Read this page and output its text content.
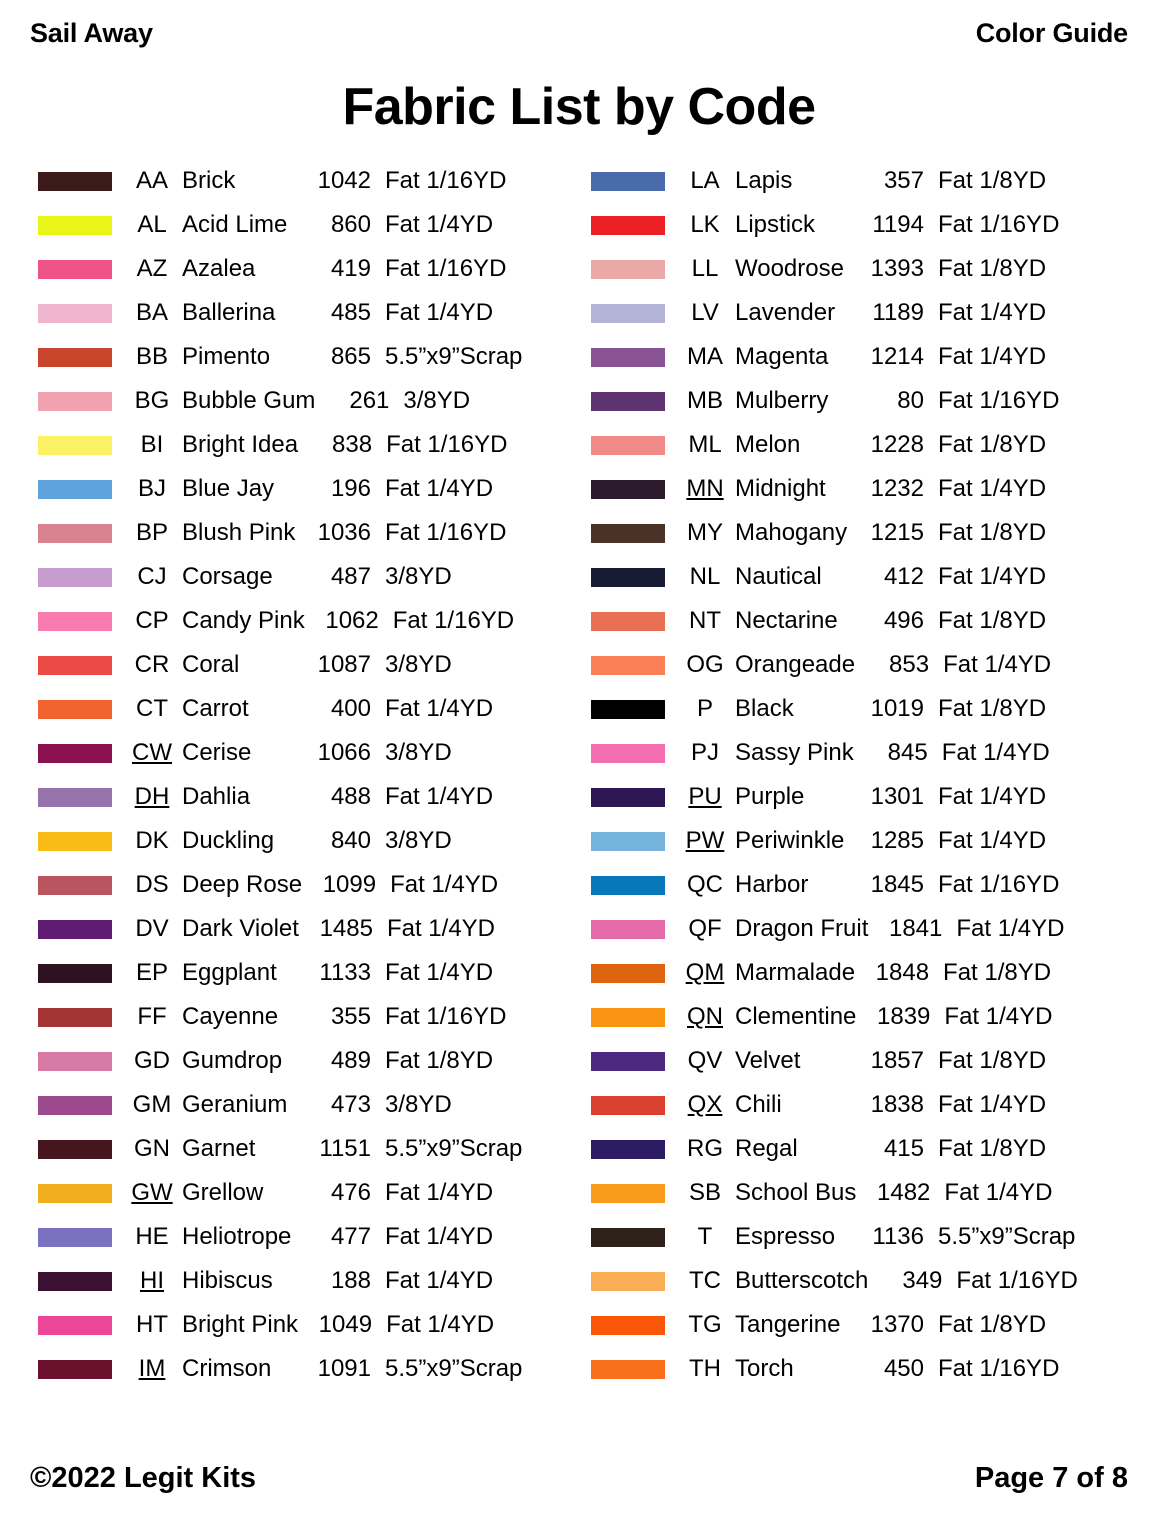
Sail Away	Color Guide
Fabric List by Code
AA Brick	1042 Fat 1/16YD
AL Acid Lime	860 Fat 1/4YD
AZ Azalea	419 Fat 1/16YD
BA Ballerina	485 Fat 1/4YD
BB Pimento	865 5.5”x9”Scrap
BG Bubble Gum	261 3/8YD
BI Bright Idea	838 Fat 1/16YD
BJ Blue Jay	196 Fat 1/4YD
BP Blush Pink 1036 Fat 1/16YD
CJ Corsage	487 3/8YD
CP Candy Pink 1062 Fat 1/16YD
CR Coral	1087 3/8YD
CT Carrot	400 Fat 1/4YD
CW Cerise	1066 3/8YD
DH Dahlia	488 Fat 1/4YD
DK Duckling	840 3/8YD
DS Deep Rose 1099 Fat 1/4YD
DV Dark Violet 1485 Fat 1/4YD
EP Eggplant	1133 Fat 1/4YD
FF Cayenne	355 Fat 1/16YD
GD Gumdrop	489 Fat 1/8YD
GM Geranium	473 3/8YD
GN Garnet	1151 5.5”x9”Scrap
GW Grellow	476 Fat 1/4YD
HE Heliotrope	477 Fat 1/4YD
HI Hibiscus	188 Fat 1/4YD
HT Bright Pink 1049 Fat 1/4YD
IM Crimson	1091 5.5”x9”Scrap
LA Lapis	357 Fat 1/8YD
LK Lipstick	1194 Fat 1/16YD
LL Woodrose	1393 Fat 1/8YD
LV Lavender	1189 Fat 1/4YD
MA Magenta	1214 Fat 1/4YD
MB Mulberry	80 Fat 1/16YD
ML Melon	1228 Fat 1/8YD
MN Midnight	1232 Fat 1/4YD
MY Mahogany 1215 Fat 1/8YD
NL Nautical	412 Fat 1/4YD
NT Nectarine	496 Fat 1/8YD
OG Orangeade	853 Fat 1/4YD
P Black	1019 Fat 1/8YD
PJ Sassy Pink	845 Fat 1/4YD
PU Purple	1301 Fat 1/4YD
PW Periwinkle	1285 Fat 1/4YD
QC Harbor	1845 Fat 1/16YD
QF Dragon Fruit 1841 Fat 1/4YD
QM Marmalade 1848 Fat 1/8YD
QN Clementine 1839 Fat 1/4YD
QV Velvet	1857 Fat 1/8YD
QX Chili	1838 Fat 1/4YD
RG Regal	415 Fat 1/8YD
SB School Bus 1482 Fat 1/4YD
T Espresso	1136 5.5”x9”Scrap
TC Butterscotch	349 Fat 1/16YD
TG Tangerine	1370 Fat 1/8YD
TH Torch	450 Fat 1/16YD
©2022 Legit Kits	Page 7 of 8
